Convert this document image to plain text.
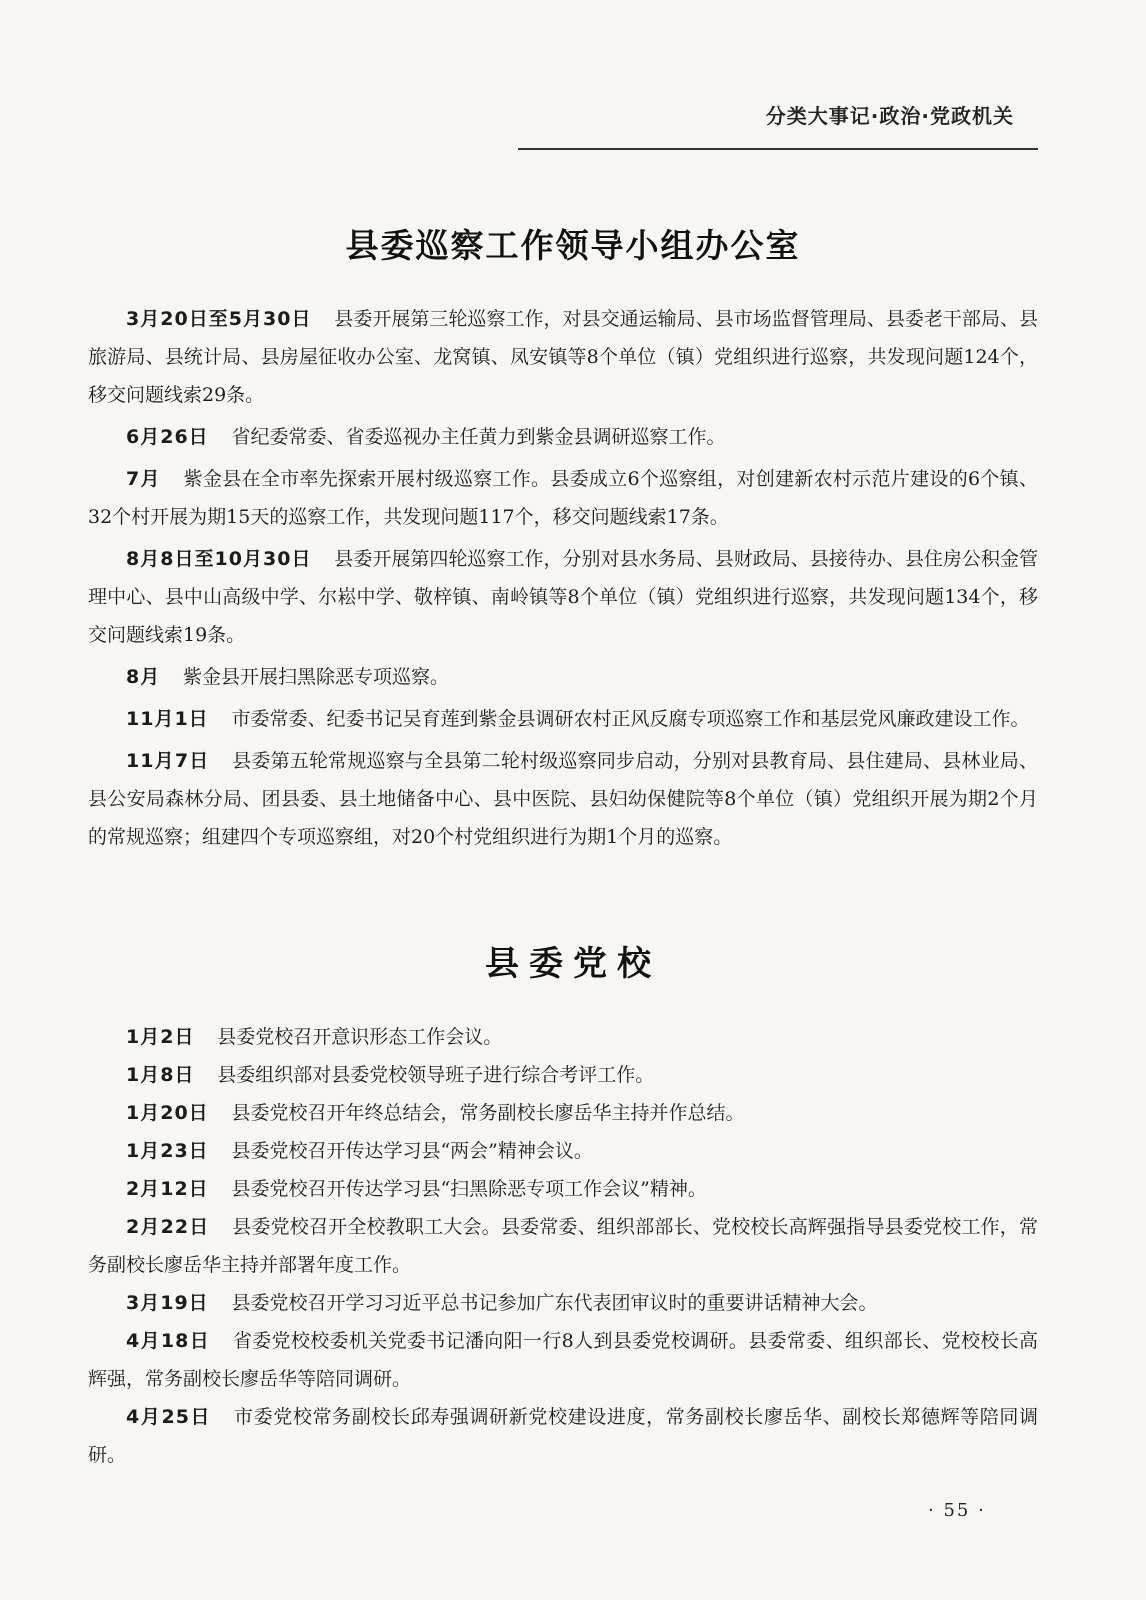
分类大事记·政治·党政机关
县委巡察工作领导小组办公室

3月20日至5月30日 县委开展第三轮巡察工作，对县交通运输局、县市场监督管理局、县委老干部局、县旅游局、县统计局、县房屋征收办公室、龙窝镇、凤安镇等8个单位（镇）党组织进行巡察，共发现问题124个，移交问题线索29条。

6月26日 省纪委常委、省委巡视办主任黄力到紫金县调研巡察工作。

7月 紫金县在全市率先探索开展村级巡察工作。县委成立6个巡察组，对创建新农村示范片建设的6个镇、32个村开展为期15天的巡察工作，共发现问题117个，移交问题线索17条。

8月8日至10月30日 县委开展第四轮巡察工作，分别对县水务局、县财政局、县接待办、县住房公积金管理中心、县中山高级中学、尔崧中学、敬梓镇、南岭镇等8个单位（镇）党组织进行巡察，共发现问题134个，移交问题线索19条。

8月 紫金县开展扫黑除恶专项巡察。

11月1日 市委常委、纪委书记吴育莲到紫金县调研农村正风反腐专项巡察工作和基层党风廉政建设工作。

11月7日 县委第五轮常规巡察与全县第二轮村级巡察同步启动，分别对县教育局、县住建局、县林业局、县公安局森林分局、团县委、县土地储备中心、县中医院、县妇幼保健院等8个单位（镇）党组织开展为期2个月的常规巡察；组建四个专项巡察组，对20个村党组织进行为期1个月的巡察。

县委党校

1月2日 县委党校召开意识形态工作会议。

1月8日 县委组织部对县委党校领导班子进行综合考评工作。

1月20日 县委党校召开年终总结会，常务副校长廖岳华主持并作总结。

1月23日 县委党校召开传达学习县“两会”精神会议。

2月12日 县委党校召开传达学习县“扫黑除恶专项工作会议”精神。

2月22日 县委党校召开全校教职工大会。县委常委、组织部部长、党校校长高辉强指导县委党校工作，常务副校长廖岳华主持并部署年度工作。

3月19日 县委党校召开学习习近平总书记参加广东代表团审议时的重要讲话精神大会。

4月18日 省委党校校委机关党委书记潘向阳一行8人到县委党校调研。县委常委、组织部长、党校校长高辉强，常务副校长廖岳华等陪同调研。

4月25日 市委党校常务副校长邱寿强调研新党校建设进度，常务副校长廖岳华、副校长郑德辉等陪同调研。

· 55 ·
